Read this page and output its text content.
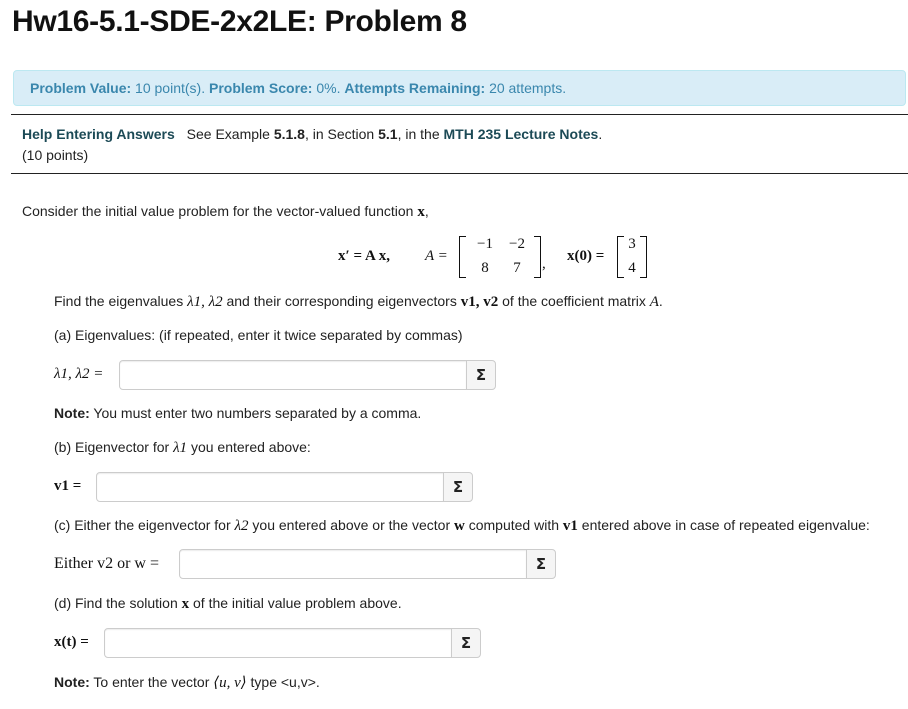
Hw16-5.1-SDE-2x2LE: Problem 8
Problem Value: 10 point(s). Problem Score: 0%. Attempts Remaining: 20 attempts.
Help Entering Answers See Example 5.1.8, in Section 5.1, in the MTH 235 Lecture Notes.
(10 points)
Consider the initial value problem for the vector-valued function x,
x′ = A x, A =
−1 −2
8	7	, x(0) =
3
4
Find the eigenvalues λ1, λ2 and their corresponding eigenvectors v1, v2 of the coefficient matrix A.
(a) Eigenvalues: (if repeated, enter it twice separated by commas)
λ1, λ2 =	Σ
Note: You must enter two numbers separated by a comma.
(b) Eigenvector for λ1 you entered above:
v1 =	Σ
(c) Either the eigenvector for λ2 you entered above or the vector w computed with v1 entered above in case of repeated eigenvalue:
Either v2 or w =	Σ
(d) Find the solution x of the initial value problem above.
x(t) =	Σ
Note: To enter the vector ⟨u, v⟩ type <u,v>.
